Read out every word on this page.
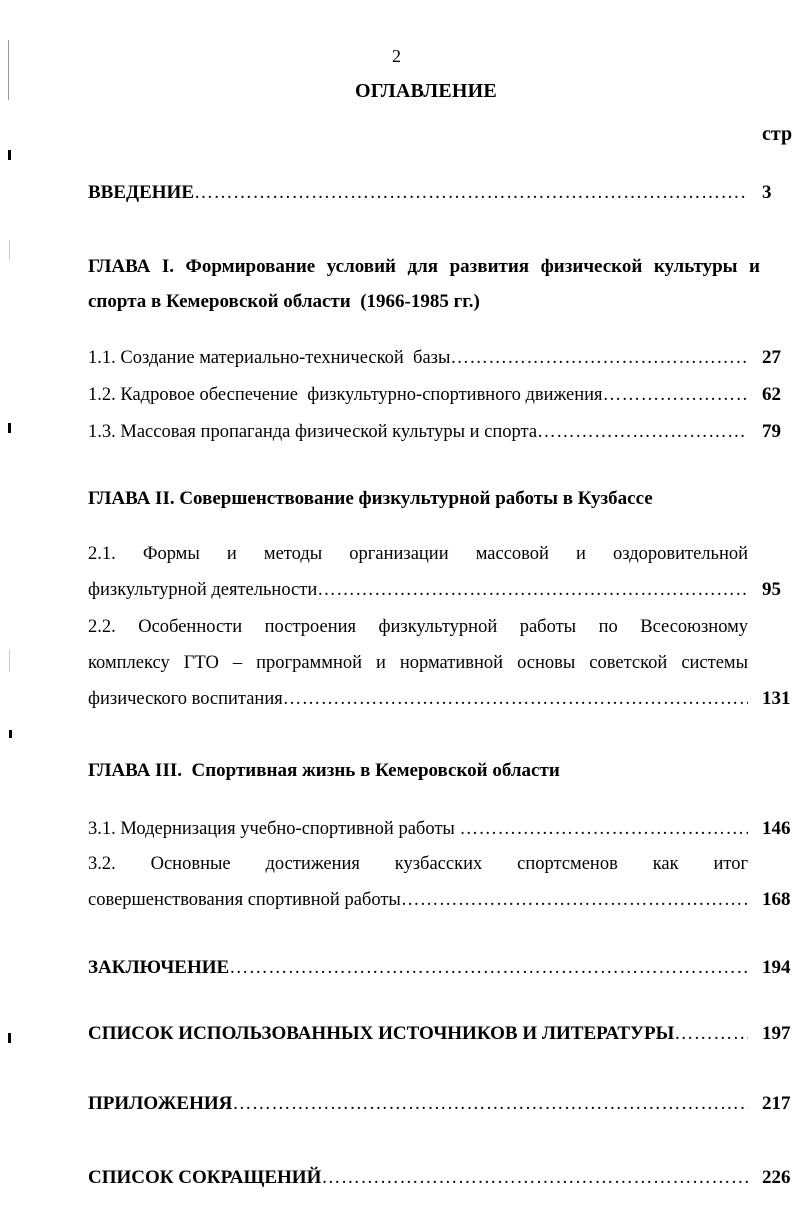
2
ОГЛАВЛЕНИЕ
стр
ВВЕДЕНИЕ …………………………………………………………………………………………………………………………………………………………………………………	3
ГЛАВА I. Формирование условий для развития физической культуры и
спорта в Кемеровской области  (1966-1985 гг.)
1.1. Создание материально-технической  базы …………………………………………………………………………………………………………………………………………………………………………………	27
1.2. Кадровое обеспечение  физкультурно-спортивного движения …………………………………………………………………………………………………………………………………………………………………………………	62
1.3. Массовая пропаганда физической культуры и спорта …………………………………………………………………………………………………………………………………………………………………………………	79
ГЛАВА II. Совершенствование физкультурной работы в Кузбассе
2.1. Формы и методы организации массовой и оздоровительной
физкультурной деятельности …………………………………………………………………………………………………………………………………………………………………………………	95
2.2. Особенности построения физкультурной работы по Всесоюзному
комплексу ГТО – программной и нормативной основы советской системы
физического воспитания …………………………………………………………………………………………………………………………………………………………………………………	131
ГЛАВА III.  Спортивная жизнь в Кемеровской области
3.1. Модернизация учебно-спортивной работы …………………………………………………………………………………………………………………………………………………………………………………	146
3.2. Основные достижения кузбасских спортсменов как итог
совершенствования спортивной работы …………………………………………………………………………………………………………………………………………………………………………………	168
ЗАКЛЮЧЕНИЕ …………………………………………………………………………………………………………………………………………………………………………………	194
СПИСОК ИСПОЛЬЗОВАННЫХ ИСТОЧНИКОВ И ЛИТЕРАТУРЫ …………………………………………………………………………………………………………………………………………………………………………………	197
ПРИЛОЖЕНИЯ …………………………………………………………………………………………………………………………………………………………………………………	217
СПИСОК СОКРАЩЕНИЙ …………………………………………………………………………………………………………………………………………………………………………………	226
